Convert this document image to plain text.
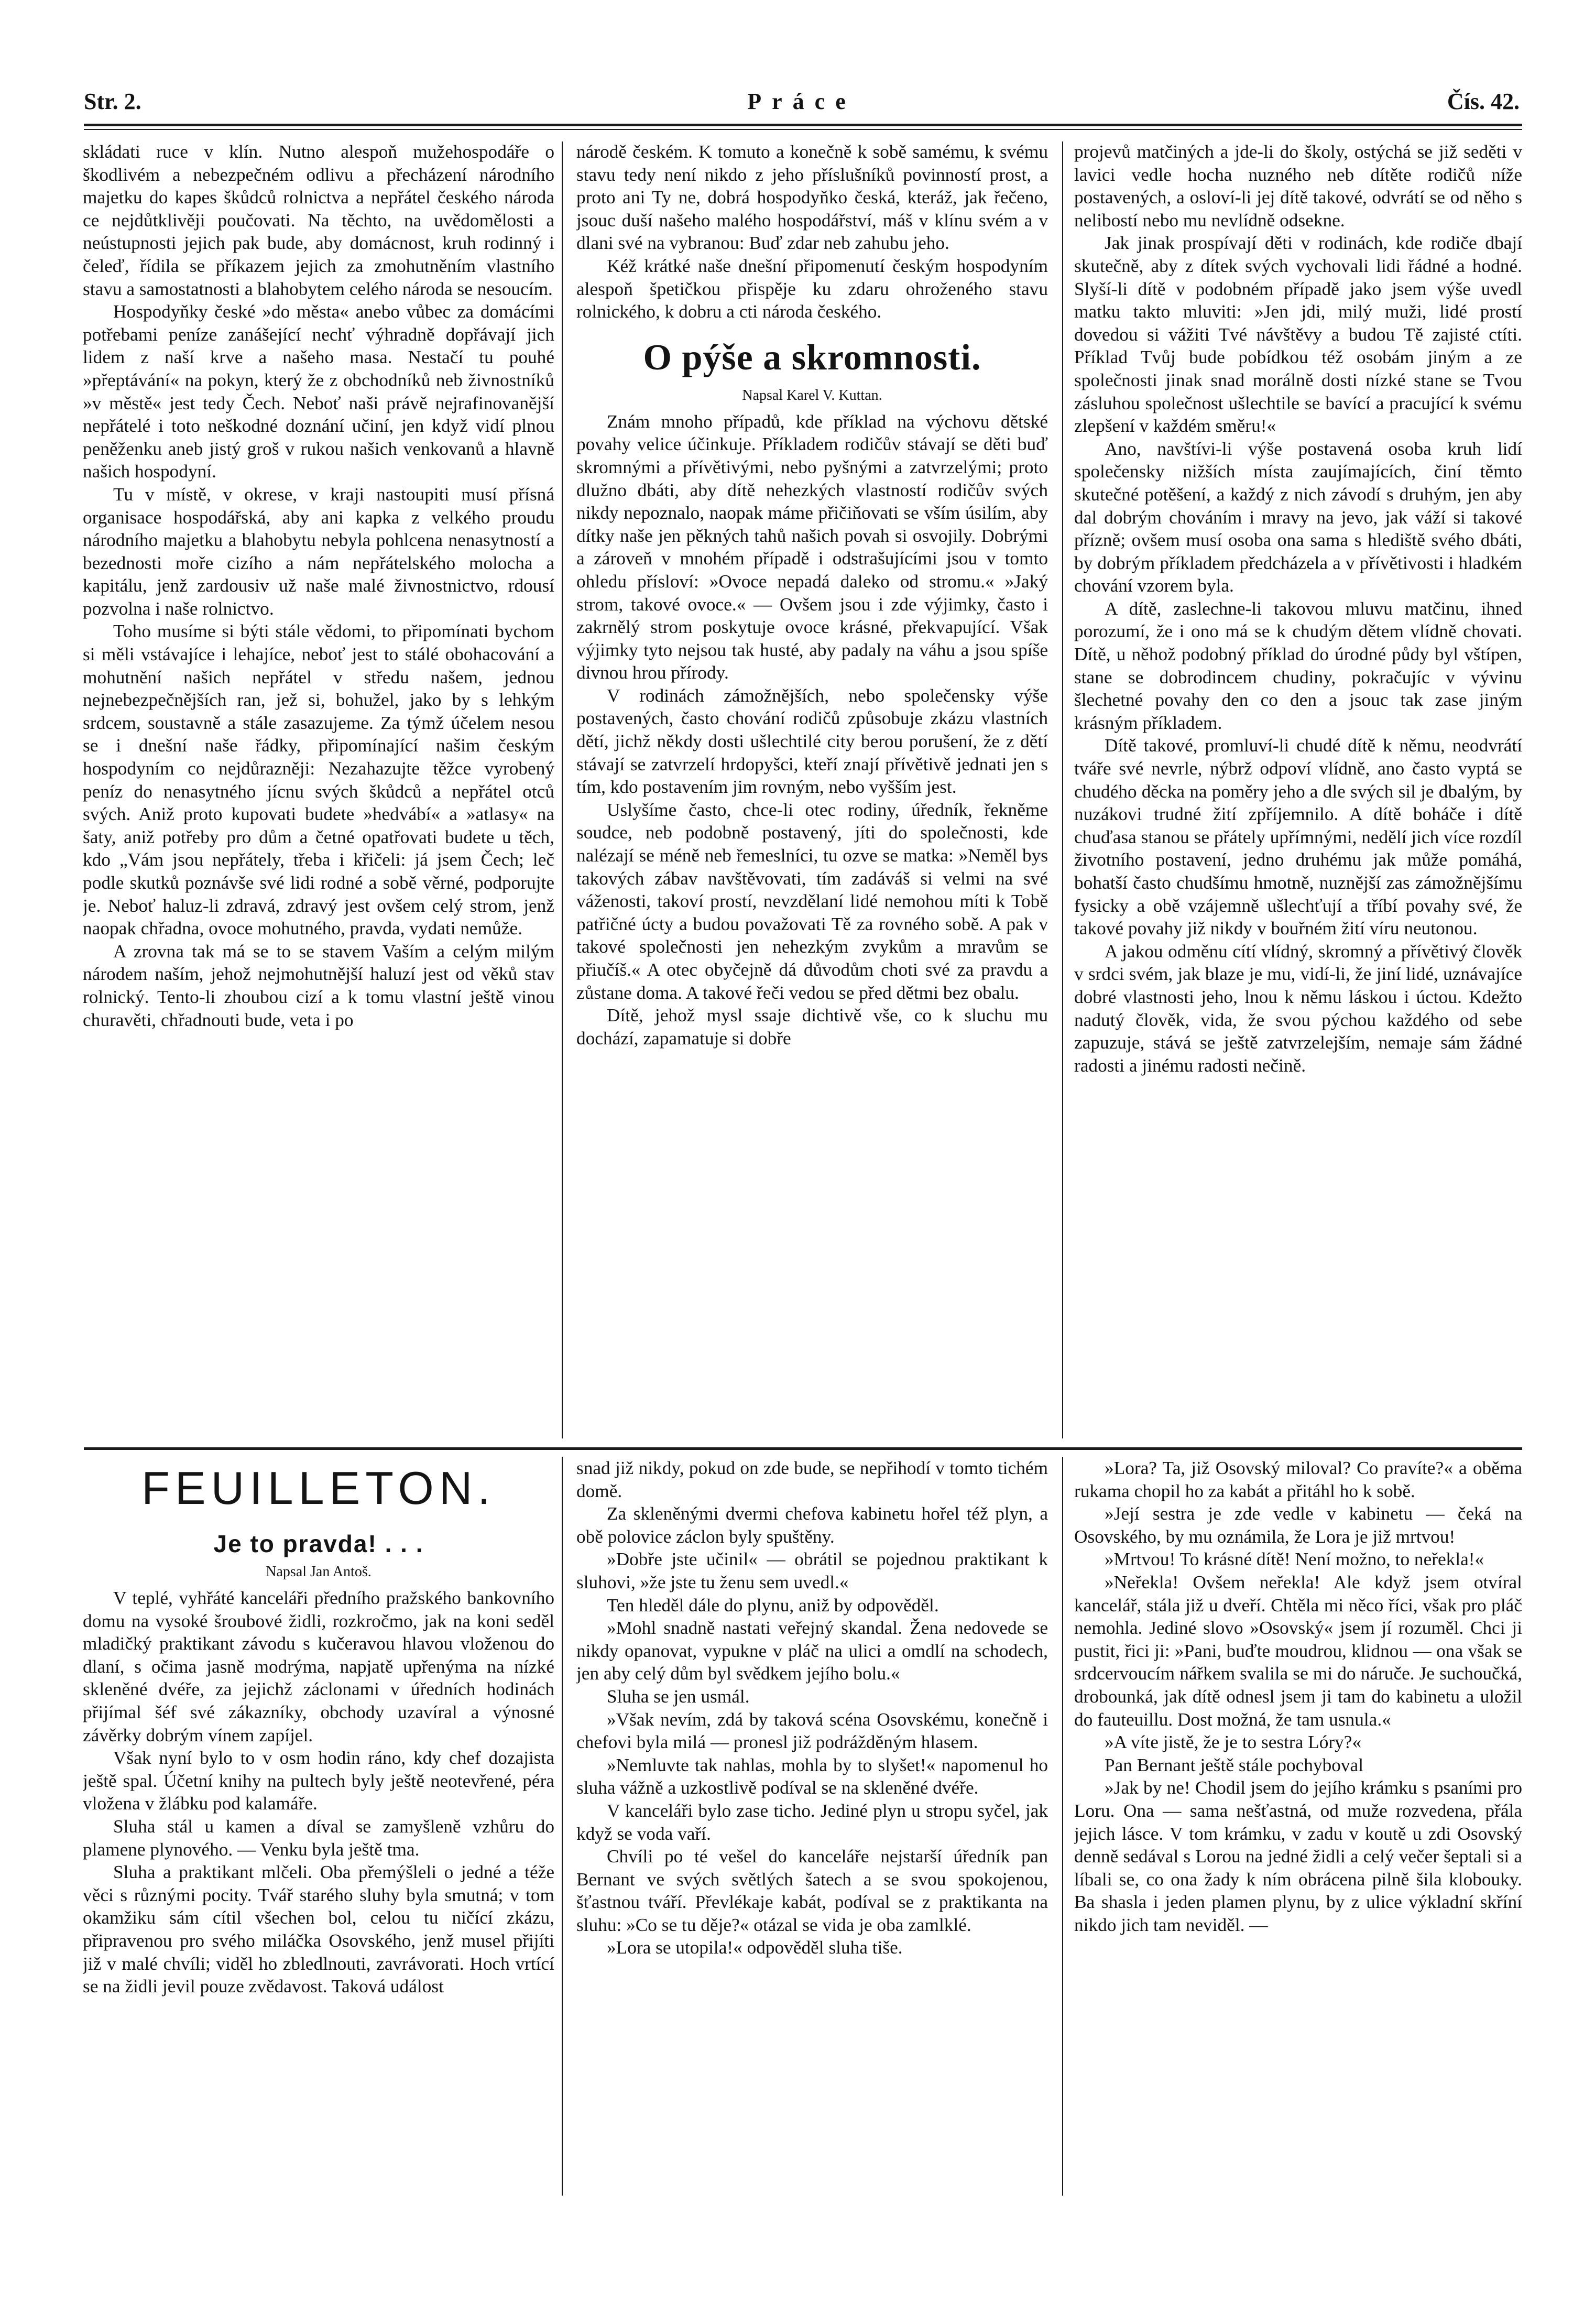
Str. 2.	Práce	Čís. 42.

skládati ruce v klín. Nutno alespoň mužehospodáře o škodlivém a nebezpečném odlivu a přecházení národního majetku do kapes škůdců rolnictva a nepřátel českého národa ce nejdůtklivěji poučovati. Na těchto, na uvědomělosti a neústupnosti jejich pak bude, aby domácnost, kruh rodinný i čeleď, řídila se příkazem jejich za zmohutněním vlastního stavu a samostatnosti a blahobytem celého národa se nesoucím.

Hospodyňky české »do města« anebo vůbec za domácími potřebami peníze zanášející nechť výhradně dopřávají jich lidem z naší krve a našeho masa. Nestačí tu pouhé »přeptávání« na pokyn, který že z obchodníků neb živnostníků »v městě« jest tedy Čech. Neboť naši právě nejrafinovanější nepřátelé i toto neškodné doznání učiní, jen když vidí plnou peněženku aneb jistý groš v rukou našich venkovanů a hlavně našich hospodyní.

Tu v místě, v okrese, v kraji nastoupiti musí přísná organisace hospodářská, aby ani kapka z velkého proudu národního majetku a blahobytu nebyla pohlcena nenasytností a bezednosti moře cizího a nám nepřátelského molocha a kapitálu, jenž zardousiv už naše malé živnostnictvo, rdousí pozvolna i naše rolnictvo.

Toho musíme si býti stále vědomi, to připomínati bychom si měli vstávajíce i lehajíce, neboť jest to stálé obohacování a mohutnění našich nepřátel v středu našem, jednou nejnebezpečnějších ran, jež si, bohužel, jako by s lehkým srdcem, soustavně a stále zasazujeme. Za týmž účelem nesou se i dnešní naše řádky, připomínající našim českým hospodyním co nejdůrazněji: Nezahazujte těžce vyrobený peníz do nenasytného jícnu svých škůdců a nepřátel otců svých. Aniž proto kupovati budete »hedvábí« a »atlasy« na šaty, aniž potřeby pro dům a četné opatřovati budete u těch, kdo „Vám jsou nepřátely, třeba i křičeli: já jsem Čech; leč podle skutků poznávše své lidi rodné a sobě věrné, podporujte je. Neboť haluz-li zdravá, zdravý jest ovšem celý strom, jenž naopak chřadna, ovoce mohutného, pravda, vydati nemůže.

A zrovna tak má se to se stavem Vaším a celým milým národem naším, jehož nejmohutnější haluzí jest od věků stav rolnický. Tento-li zhoubou cizí a k tomu vlastní ještě vinou churavěti, chřadnouti bude, veta i po

národě českém. K tomuto a konečně k sobě samému, k svému stavu tedy není nikdo z jeho příslušníků povinností prost, a proto ani Ty ne, dobrá hospodyňko česká, kteráž, jak řečeno, jsouc duší našeho malého hospodářství, máš v klínu svém a v dlani své na vybranou: Buď zdar neb zahubu jeho.

Kéž krátké naše dnešní připomenutí českým hospodyním alespoň špetičkou přispěje ku zdaru ohroženého stavu rolnického, k dobru a cti národa českého.

O pýše a skromnosti.
Napsal Karel V. Kuttan.

Znám mnoho případů, kde příklad na výchovu dětské povahy velice účinkuje. Příkladem rodičův stávají se děti buď skromnými a přívětivými, nebo pyšnými a zatvrzelými; proto dlužno dbáti, aby dítě nehezkých vlastností rodičův svých nikdy nepoznalo, naopak máme přičiňovati se vším úsilím, aby dítky naše jen pěkných tahů našich povah si osvojily. Dobrými a zároveň v mnohém případě i odstrašujícími jsou v tomto ohledu přísloví: »Ovoce nepadá daleko od stromu.« »Jaký strom, takové ovoce.« — Ovšem jsou i zde výjimky, často i zakrnělý strom poskytuje ovoce krásné, překvapující. Však výjimky tyto nejsou tak husté, aby padaly na váhu a jsou spíše divnou hrou přírody.

V rodinách zámožnějších, nebo společensky výše postavených, často chování rodičů způsobuje zkázu vlastních dětí, jichž někdy dosti ušlechtilé city berou porušení, že z dětí stávají se zatvrzelí hrdopyšci, kteří znají přívětivě jednati jen s tím, kdo postavením jim rovným, nebo vyšším jest.

Uslyšíme často, chce-li otec rodiny, úředník, řekněme soudce, neb podobně postavený, jíti do společnosti, kde nalézají se méně neb řemeslníci, tu ozve se matka: »Neměl bys takových zábav navštěvovati, tím zadáváš si velmi na své váženosti, takoví prostí, nevzdělaní lidé nemohou míti k Tobě patřičné úcty a budou považovati Tě za rovného sobě. A pak v takové společnosti jen nehezkým zvykům a mravům se přiučíš.« A otec obyčejně dá důvodům choti své za pravdu a zůstane doma. A takové řeči vedou se před dětmi bez obalu.

Dítě, jehož mysl ssaje dichtivě vše, co k sluchu mu dochází, zapamatuje si dobře

projevů matčiných a jde-li do školy, ostýchá se již seděti v lavici vedle hocha nuzného neb dítěte rodičů níže postavených, a osloví-li jej dítě takové, odvrátí se od něho s nelibostí nebo mu nevlídně odsekne.

Jak jinak prospívají děti v rodinách, kde rodiče dbají skutečně, aby z dítek svých vychovali lidi řádné a hodné. Slyší-li dítě v podobném případě jako jsem výše uvedl matku takto mluviti: »Jen jdi, milý muži, lidé prostí dovedou si vážiti Tvé návštěvy a budou Tě zajisté ctíti. Příklad Tvůj bude pobídkou též osobám jiným a ze společnosti jinak snad morálně dosti nízké stane se Tvou zásluhou společnost ušlechtile se bavící a pracující k svému zlepšení v každém směru!«

Ano, navštívi-li výše postavená osoba kruh lidí společensky nižších místa zaujímajících, činí těmto skutečné potěšení, a každý z nich závodí s druhým, jen aby dal dobrým chováním i mravy na jevo, jak váží si takové přízně; ovšem musí osoba ona sama s hlediště svého dbáti, by dobrým příkladem předcházela a v přívětivosti i hladkém chování vzorem byla.

A dítě, zaslechne-li takovou mluvu matčinu, ihned porozumí, že i ono má se k chudým dětem vlídně chovati. Dítě, u něhož podobný příklad do úrodné půdy byl vštípen, stane se dobrodincem chudiny, pokračujíc v vývinu šlechetné povahy den co den a jsouc tak zase jiným krásným příkladem.

Dítě takové, promluví-li chudé dítě k němu, neodvrátí tváře své nevrle, nýbrž odpoví vlídně, ano často vyptá se chudého děcka na poměry jeho a dle svých sil je dbalým, by nuzákovi trudné žití zpříjemnilo. A dítě boháče i dítě chuďasa stanou se přátely upřímnými, nedělí jich více rozdíl životního postavení, jedno druhému jak může pomáhá, bohatší často chudšímu hmotně, nuznější zas zámožnějšímu fysicky a obě vzájemně ušlechťují a tříbí povahy své, že takové povahy již nikdy v bouřném žití víru neutonou.

A jakou odměnu cítí vlídný, skromný a přívětivý člověk v srdci svém, jak blaze je mu, vidí-li, že jiní lidé, uznávajíce dobré vlastnosti jeho, lnou k němu láskou i úctou. Kdežto nadutý člověk, vida, že svou pýchou každého od sebe zapuzuje, stává se ještě zatvrzelejším, nemaje sám žádné radosti a jinému radosti nečině.

FEUILLETON.
Je to pravda! . . .
Napsal Jan Antoš.

V teplé, vyhřáté kanceláři předního pražského bankovního domu na vysoké šroubové židli, rozkročmo, jak na koni seděl mladičký praktikant závodu s kučeravou hlavou vloženou do dlaní, s očima jasně modrýma, napjatě upřenýma na nízké skleněné dvéře, za jejichž záclonami v úředních hodinách přijímal šéf své zákazníky, obchody uzavíral a výnosné závěrky dobrým vínem zapíjel.

Však nyní bylo to v osm hodin ráno, kdy chef dozajista ještě spal. Účetní knihy na pultech byly ještě neotevřené, péra vložena v žlábku pod kalamáře.

Sluha stál u kamen a díval se zamyšleně vzhůru do plamene plynového. — Venku byla ještě tma.

Sluha a praktikant mlčeli. Oba přemýšleli o jedné a téže věci s různými pocity. Tvář starého sluhy byla smutná; v tom okamžiku sám cítil všechen bol, celou tu ničící zkázu, připravenou pro svého miláčka Osovského, jenž musel přijíti již v malé chvíli; viděl ho zbledlnouti, zavrávorati. Hoch vrtící se na židli jevil pouze zvědavost. Taková událost

snad již nikdy, pokud on zde bude, se nepřihodí v tomto tichém domě.

Za skleněnými dvermi chefova kabinetu hořel též plyn, a obě polovice záclon byly spuštěny.

»Dobře jste učinil« — obrátil se pojednou praktikant k sluhovi, »že jste tu ženu sem uvedl.«

Ten hleděl dále do plynu, aniž by odpověděl.

»Mohl snadně nastati veřejný skandal. Žena nedovede se nikdy opanovat, vypukne v pláč na ulici a omdlí na schodech, jen aby celý dům byl svědkem jejího bolu.«

Sluha se jen usmál.

»Však nevím, zdá by taková scéna Osovskému, konečně i chefovi byla milá — pronesl již podrážděným hlasem.

»Nemluvte tak nahlas, mohla by to slyšet!« napomenul ho sluha vážně a uzkostlivě podíval se na skleněné dvéře.

V kanceláři bylo zase ticho. Jediné plyn u stropu syčel, jak když se voda vaří.

Chvíli po té vešel do kanceláře nejstarší úředník pan Bernant ve svých světlých šatech a se svou spokojenou, šťastnou tváří. Převlékaje kabát, podíval se z praktikanta na sluhu: »Co se tu děje?« otázal se vida je oba zamlklé.

»Lora se utopila!« odpověděl sluha tiše.

»Lora? Ta, již Osovský miloval? Co pravíte?« a oběma rukama chopil ho za kabát a přitáhl ho k sobě.

»Její sestra je zde vedle v kabinetu — čeká na Osovského, by mu oznámila, že Lora je již mrtvou!

»Mrtvou! To krásné dítě! Není možno, to neřekla!«

»Neřekla! Ovšem neřekla! Ale když jsem otvíral kancelář, stála již u dveří. Chtěla mi něco říci, však pro pláč nemohla. Jediné slovo »Osovský« jsem jí rozuměl. Chci ji pustit, řici ji: »Pani, buďte moudrou, klidnou — ona však se srdcervoucím nářkem svalila se mi do náruče. Je suchoučká, drobounká, jak dítě odnesl jsem ji tam do kabinetu a uložil do fauteuillu. Dost možná, že tam usnula.«

»A víte jistě, že je to sestra Lóry?«

Pan Bernant ještě stále pochyboval

»Jak by ne! Chodil jsem do jejího krámku s psaními pro Loru. Ona — sama nešťastná, od muže rozvedena, přála jejich lásce. V tom krámku, v zadu v koutě u zdi Osovský denně sedával s Lorou na jedné židli a celý večer šeptali si a líbali se, co ona žady k ním obrácena pilně šila klobouky. Ba shasla i jeden plamen plynu, by z ulice výkladní skříní nikdo jich tam neviděl. —
